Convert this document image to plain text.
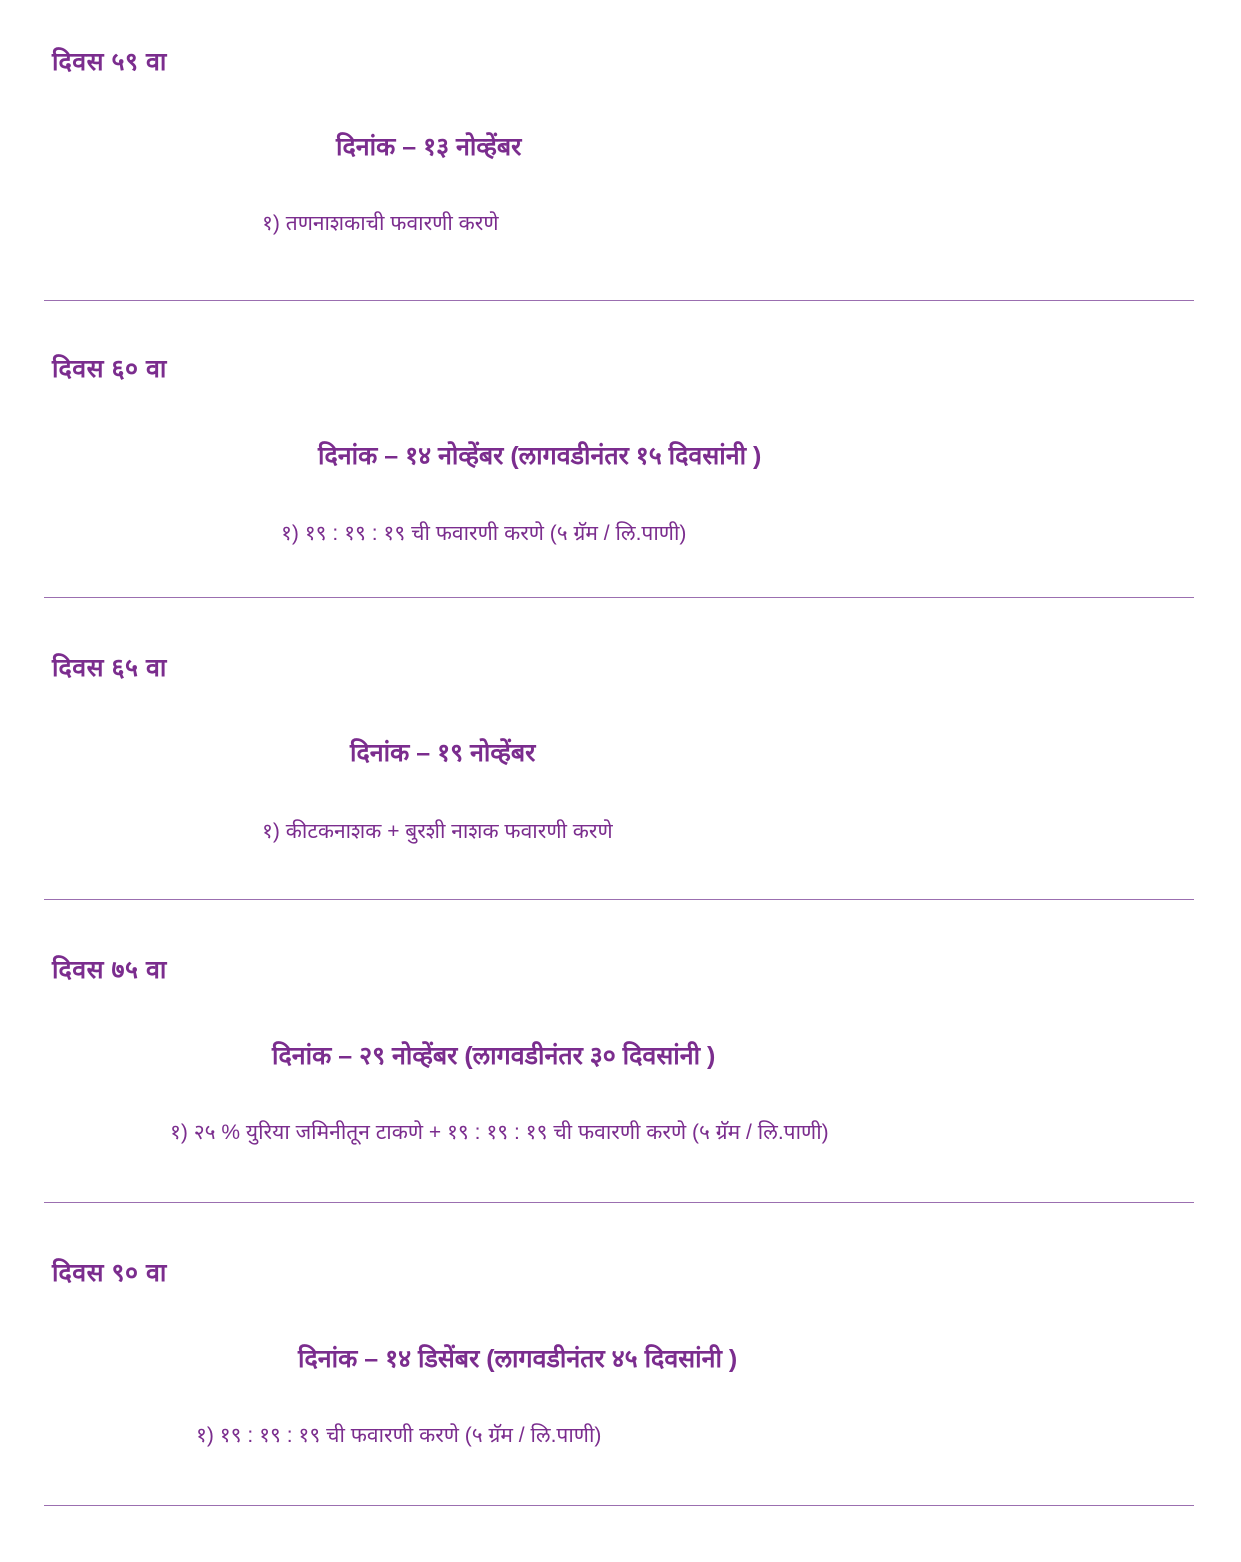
दिवस ५९ वा
दिनांक – १३ नोव्हेंबर
१) तणनाशकाची फवारणी करणे
दिवस ६० वा
दिनांक – १४ नोव्हेंबर (लागवडीनंतर १५ दिवसांनी )
१) १९ : १९ : १९ ची फवारणी करणे (५ ग्रॅम / लि.पाणी)
दिवस ६५ वा
दिनांक – १९ नोव्हेंबर
१) कीटकनाशक + बुरशी नाशक फवारणी करणे
दिवस ७५ वा
दिनांक – २९ नोव्हेंबर (लागवडीनंतर ३० दिवसांनी )
१) २५ % युरिया जमिनीतून टाकणे + १९ : १९ : १९ ची फवारणी करणे (५ ग्रॅम / लि.पाणी)
दिवस ९० वा
दिनांक – १४ डिसेंबर (लागवडीनंतर ४५ दिवसांनी )
१) १९ : १९ : १९ ची फवारणी करणे (५ ग्रॅम / लि.पाणी)
